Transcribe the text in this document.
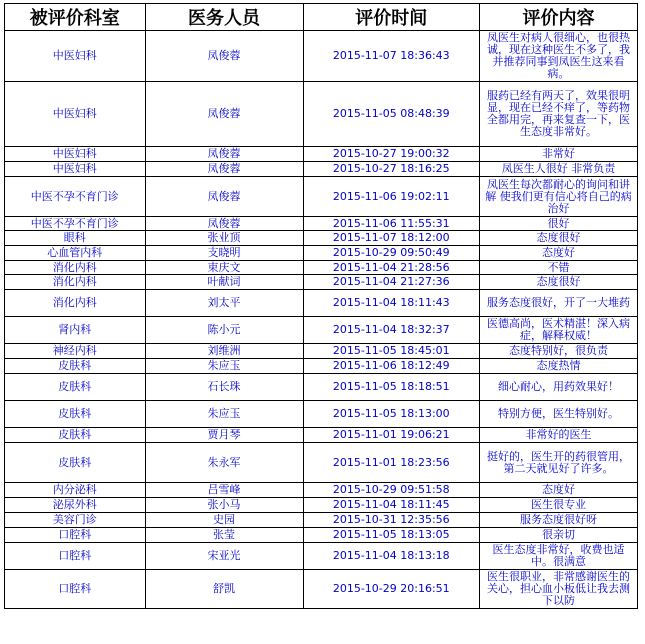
被评价科室	医务人员	评价时间	评价内容
中医妇科	凤俊蓉	2015-11-07 18:36:43	凤医生对病人很细心，也很热诚，现在这种医生不多了，我并推荐同事到凤医生这来看病。
中医妇科	凤俊蓉	2015-11-05 08:48:39	服药已经有两天了，效果很明显，现在已经不痒了，等药物全都用完，再来复查一下，医生态度非常好。
中医妇科	凤俊蓉	2015-10-27 19:00:32	非常好
中医妇科	凤俊蓉	2015-10-27 18:16:25	凤医生人很好 非常负责
中医不孕不育门诊	凤俊蓉	2015-11-06 19:02:11	凤医生每次都耐心的询问和讲解 使我们更有信心将自己的病治好
中医不孕不育门诊	凤俊蓉	2015-11-06 11:55:31	很好
眼科	张业顶	2015-11-07 18:12:00	态度很好
心血管内科	支晓明	2015-10-29 09:50:49	态度好
消化内科	束庆文	2015-11-04 21:28:56	不错
消化内科	叶献词	2015-11-04 21:27:36	态度很好
消化内科	刘太平	2015-11-04 18:11:43	服务态度很好，开了一大堆药
肾内科	陈小元	2015-11-04 18:32:37	医德高尚，医术精湛！深入病症，解释权威！
神经内科	刘维洲	2015-11-05 18:45:01	态度特别好，很负责
皮肤科	朱应玉	2015-11-06 18:12:49	态度热情
皮肤科	石长珠	2015-11-05 18:18:51	细心耐心，用药效果好！
皮肤科	朱应玉	2015-11-05 18:13:00	特别方便，医生特别好。
皮肤科	贾月琴	2015-11-01 19:06:21	非常好的医生
皮肤科	朱永军	2015-11-01 18:23:56	挺好的，医生开的药很管用，第二天就见好了许多。
内分泌科	吕雪峰	2015-10-29 09:51:58	态度好
泌尿外科	张小马	2015-11-04 18:11:45	医生很专业
美容门诊	史园	2015-10-31 12:35:56	服务态度很好呀
口腔科	张莹	2015-11-05 18:13:05	很亲切
口腔科	宋亚光	2015-11-04 18:13:18	医生态度非常好，收费也适中。很满意
口腔科	舒凯	2015-10-29 20:16:51	医生很职业，非常感谢医生的关心，担心血小板低让我去测下以防
